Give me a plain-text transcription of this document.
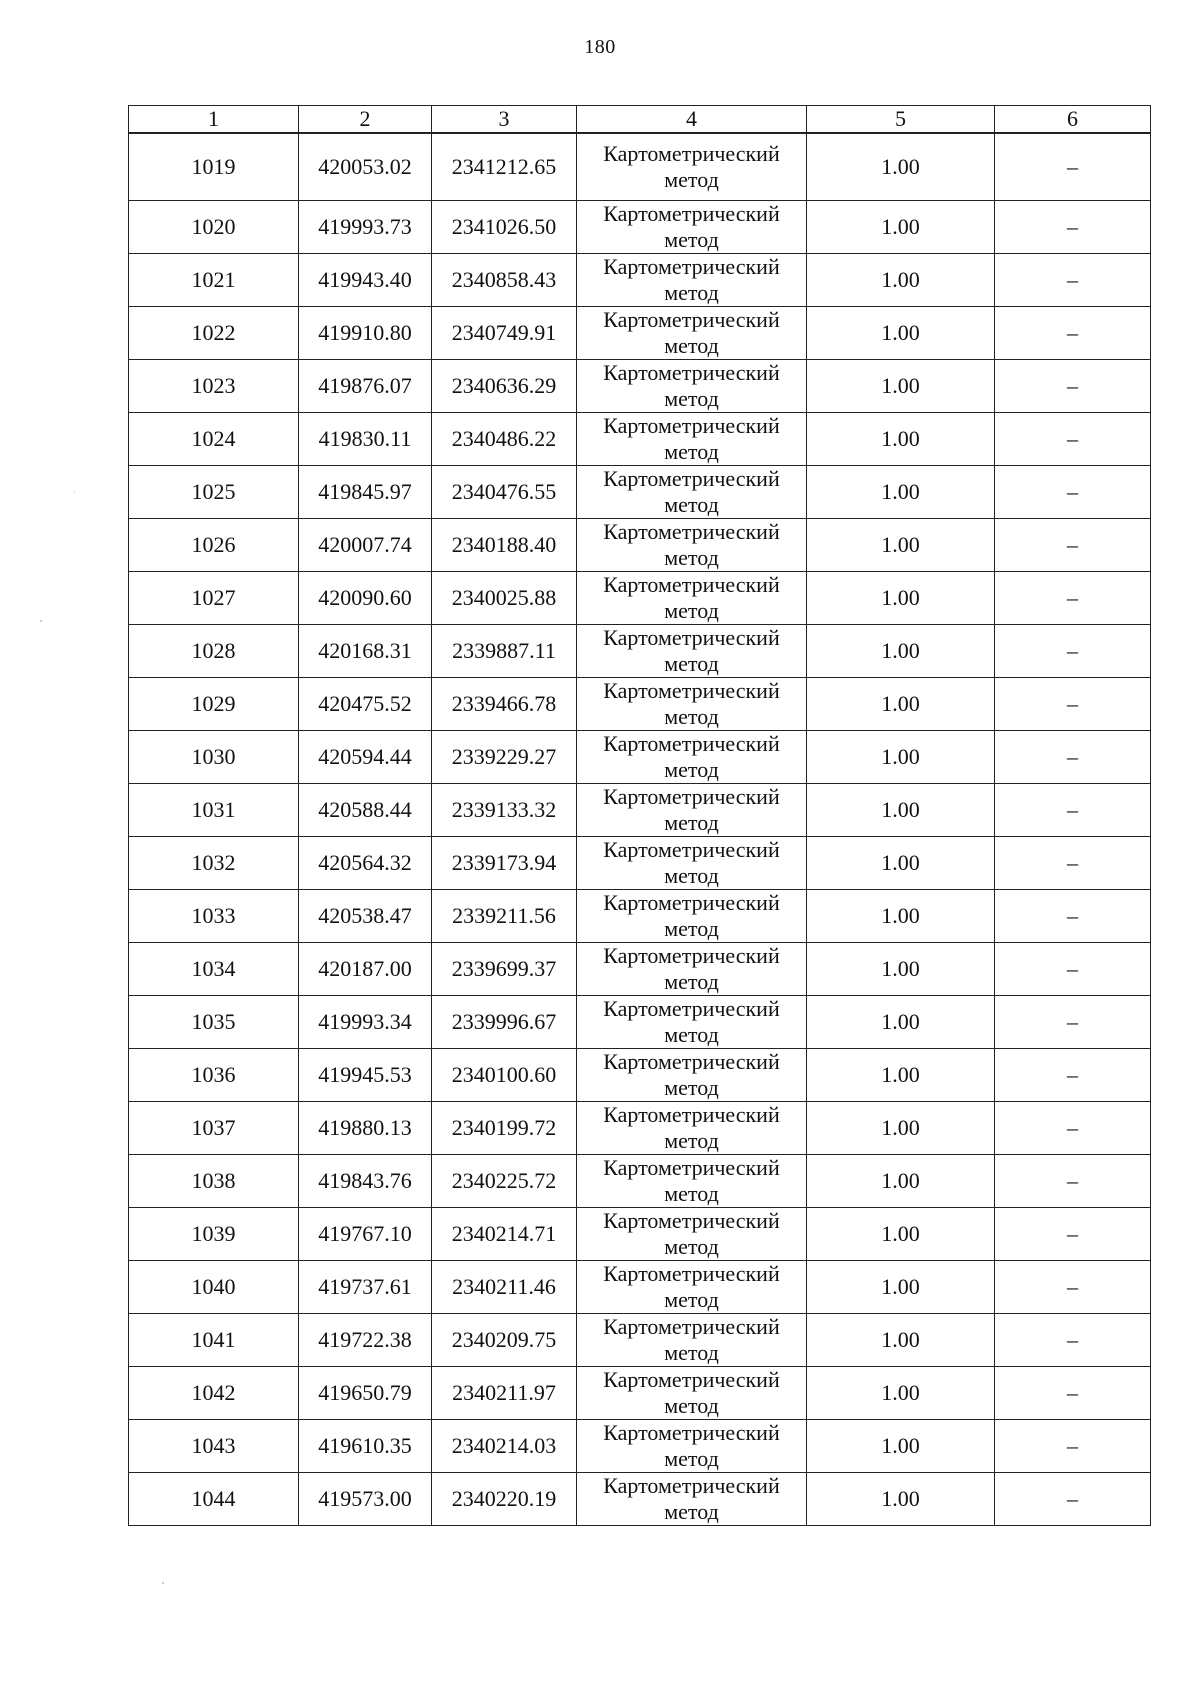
180
1	2	3	4	5	6
1019	420053.02	2341212.65	Картометрический метод	1.00	–
1020	419993.73	2341026.50	Картометрический метод	1.00	–
1021	419943.40	2340858.43	Картометрический метод	1.00	–
1022	419910.80	2340749.91	Картометрический метод	1.00	–
1023	419876.07	2340636.29	Картометрический метод	1.00	–
1024	419830.11	2340486.22	Картометрический метод	1.00	–
1025	419845.97	2340476.55	Картометрический метод	1.00	–
1026	420007.74	2340188.40	Картометрический метод	1.00	–
1027	420090.60	2340025.88	Картометрический метод	1.00	–
1028	420168.31	2339887.11	Картометрический метод	1.00	–
1029	420475.52	2339466.78	Картометрический метод	1.00	–
1030	420594.44	2339229.27	Картометрический метод	1.00	–
1031	420588.44	2339133.32	Картометрический метод	1.00	–
1032	420564.32	2339173.94	Картометрический метод	1.00	–
1033	420538.47	2339211.56	Картометрический метод	1.00	–
1034	420187.00	2339699.37	Картометрический метод	1.00	–
1035	419993.34	2339996.67	Картометрический метод	1.00	–
1036	419945.53	2340100.60	Картометрический метод	1.00	–
1037	419880.13	2340199.72	Картометрический метод	1.00	–
1038	419843.76	2340225.72	Картометрический метод	1.00	–
1039	419767.10	2340214.71	Картометрический метод	1.00	–
1040	419737.61	2340211.46	Картометрический метод	1.00	–
1041	419722.38	2340209.75	Картометрический метод	1.00	–
1042	419650.79	2340211.97	Картометрический метод	1.00	–
1043	419610.35	2340214.03	Картометрический метод	1.00	–
1044	419573.00	2340220.19	Картометрический метод	1.00	–
